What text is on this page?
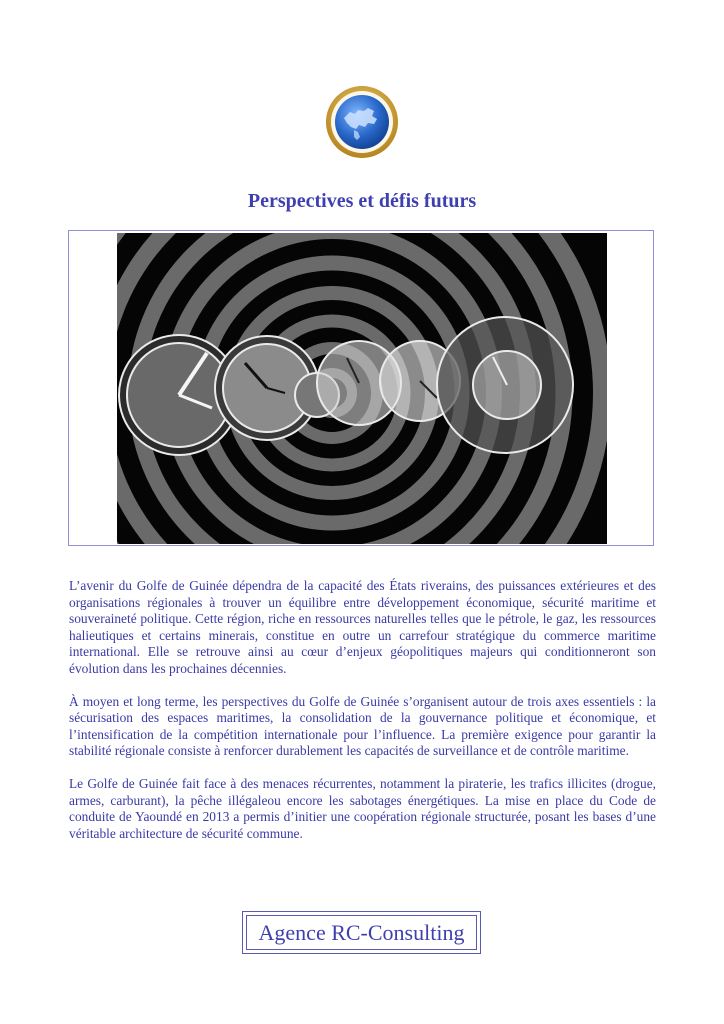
Perspectives et défis futurs

L’avenir du Golfe de Guinée dépendra de la capacité des États riverains, des puissances extérieures et des organisations régionales à trouver un équilibre entre développement économique, sécurité maritime et souveraineté politique. Cette région, riche en ressources naturelles telles que le pétrole, le gaz, les ressources halieutiques et certains minerais, constitue en outre un carrefour stratégique du commerce maritime international. Elle se retrouve ainsi au cœur d’enjeux géopolitiques majeurs qui conditionneront son évolution dans les prochaines décennies.

À moyen et long terme, les perspectives du Golfe de Guinée s’organisent autour de trois axes essentiels : la sécurisation des espaces maritimes, la consolidation de la gouvernance politique et économique, et l’intensification de la compétition internationale pour l’influence. La première exigence pour garantir la stabilité régionale consiste à renforcer durablement les capacités de surveillance et de contrôle maritime.

Le Golfe de Guinée fait face à des menaces récurrentes, notamment la piraterie, les trafics illicites (drogue, armes, carburant), la pêche illégaleou encore les sabotages énergétiques. La mise en place du Code de conduite de Yaoundé en 2013 a permis d’initier une coopération régionale structurée, posant les bases d’une véritable architecture de sécurité commune.

Agence RC-Consulting
